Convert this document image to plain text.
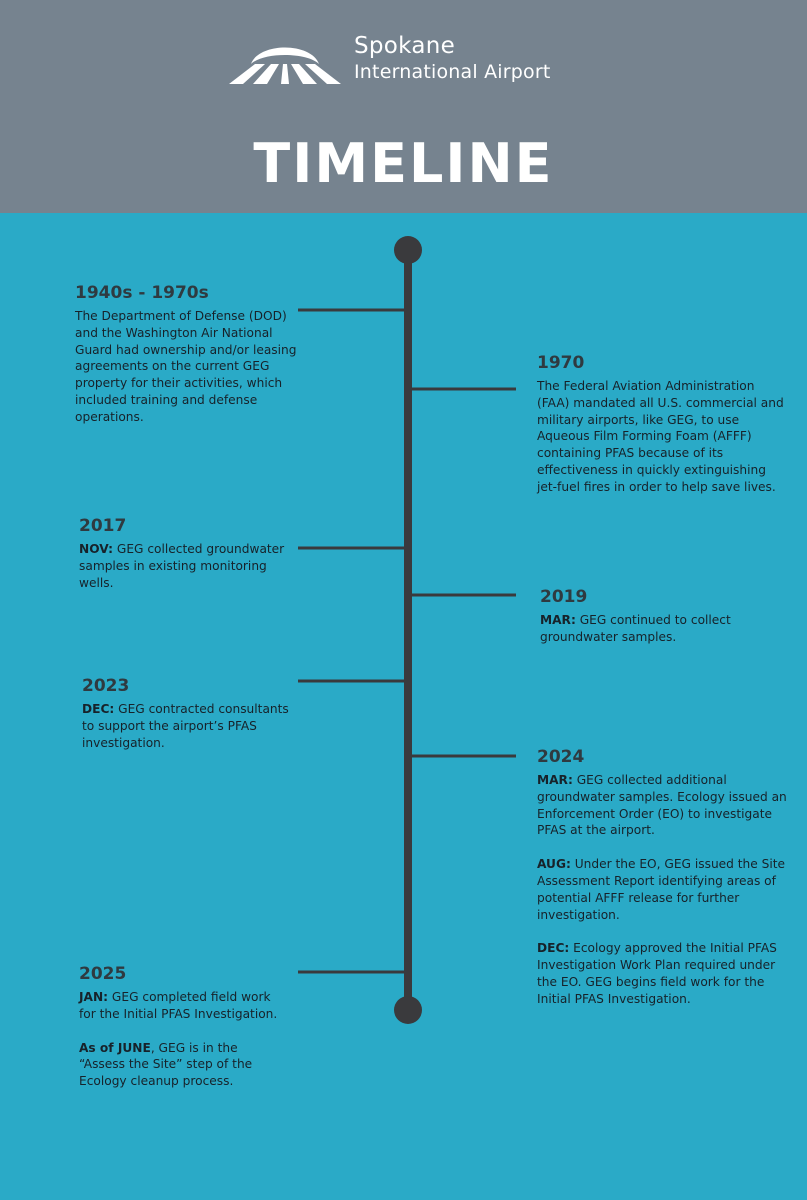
Spokane
International Airport
TIMELINE
1940s - 1970s

The Department of Defense (DOD) and the Washington Air National Guard had ownership and/or leasing agreements on the current GEG property for their activities, which included training and defense operations.

1970

The Federal Aviation Administration (FAA) mandated all U.S. commercial and military airports, like GEG, to use Aqueous Film Forming Foam (AFFF) containing PFAS because of its effectiveness in quickly extinguishing jet-fuel fires in order to help save lives.

2017

NOV: GEG collected groundwater samples in existing monitoring wells.

2019

MAR: GEG continued to collect groundwater samples.

2023

DEC: GEG contracted consultants to support the airport’s PFAS investigation.

2024

MAR: GEG collected additional groundwater samples. Ecology issued an Enforcement Order (EO) to investigate PFAS at the airport.

AUG: Under the EO, GEG issued the Site Assessment Report identifying areas of potential AFFF release for further investigation.

DEC: Ecology approved the Initial PFAS Investigation Work Plan required under the EO. GEG begins field work for the Initial PFAS Investigation.

2025

JAN: GEG completed field work for the Initial PFAS Investigation.

As of JUNE, GEG is in the “Assess the Site” step of the Ecology cleanup process.
